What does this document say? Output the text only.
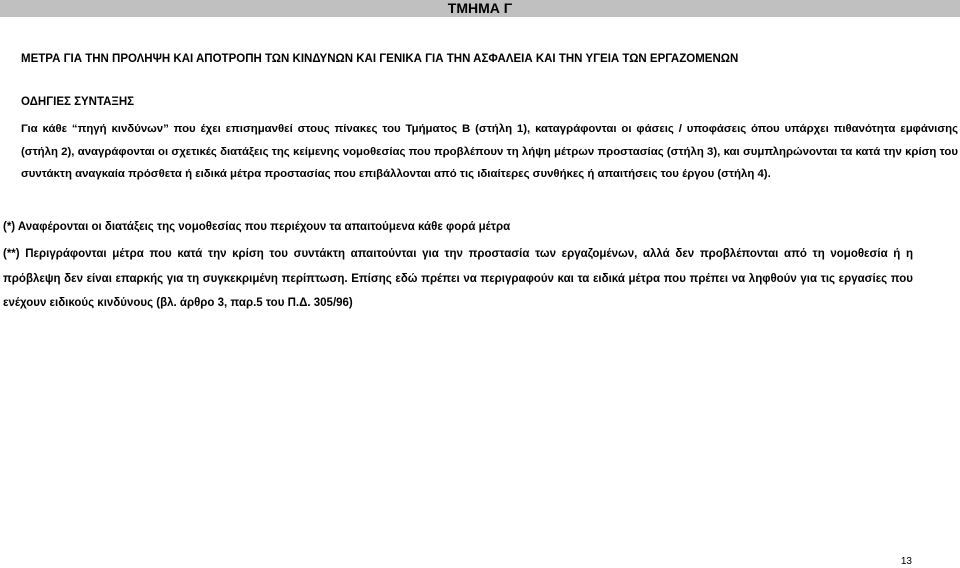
ΤΜΗΜΑ Γ
ΜΕΤΡΑ ΓΙΑ ΤΗΝ ΠΡΟΛΗΨΗ ΚΑΙ ΑΠΟΤΡΟΠΗ ΤΩΝ ΚΙΝΔΥΝΩΝ ΚΑΙ ΓΕΝΙΚΑ ΓΙΑ ΤΗΝ ΑΣΦΑΛΕΙΑ ΚΑΙ ΤΗΝ ΥΓΕΙΑ ΤΩΝ ΕΡΓΑΖΟΜΕΝΩΝ
ΟΔΗΓΙΕΣ ΣΥΝΤΑΞΗΣ
Για κάθε “πηγή κινδύνων” που έχει επισημανθεί στους πίνακες του Τμήματος Β (στήλη 1), καταγράφονται οι φάσεις / υποφάσεις όπου υπάρχει πιθανότητα εμφάνισης (στήλη 2), αναγράφονται οι σχετικές διατάξεις της κείμενης νομοθεσίας που προβλέπουν τη λήψη μέτρων προστασίας (στήλη 3), και συμπληρώνονται τα κατά την κρίση του συντάκτη αναγκαία πρόσθετα ή ειδικά μέτρα προστασίας που επιβάλλονται από τις ιδιαίτερες συνθήκες ή απαιτήσεις του έργου (στήλη 4).
(*) Αναφέρονται οι διατάξεις της νομοθεσίας που περιέχουν τα απαιτούμενα κάθε φορά μέτρα
(**) Περιγράφονται μέτρα που κατά την κρίση του συντάκτη απαιτούνται για την προστασία των εργαζομένων, αλλά δεν προβλέπονται από τη νομοθεσία ή η πρόβλεψη δεν είναι επαρκής για τη συγκεκριμένη περίπτωση. Επίσης εδώ πρέπει να περιγραφούν και τα ειδικά μέτρα που πρέπει να ληφθούν για τις εργασίες που ενέχουν ειδικούς κινδύνους (βλ. άρθρο 3, παρ.5 του Π.Δ. 305/96)
13
